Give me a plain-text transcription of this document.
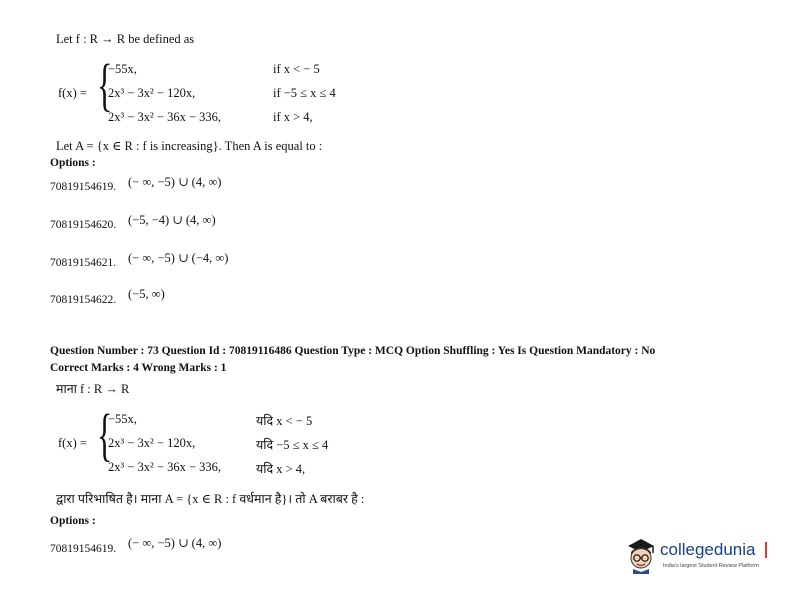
Let f : R → R be defined as
f(x) = {
−55x,	if x < − 5
2x³ − 3x² − 120x,	if −5 ≤ x ≤ 4
2x³ − 3x² − 36x − 336,	if x > 4,
Let A = {x ∈ R : f is increasing}. Then A is equal to :
Options :
70819154619. (− ∞, −5) ∪ (4, ∞)
70819154620. (−5, −4) ∪ (4, ∞)
70819154621. (− ∞, −5) ∪ (−4, ∞)
70819154622. (−5, ∞)
Question Number : 73 Question Id : 70819116486 Question Type : MCQ Option Shuffling : Yes Is Question Mandatory : No
Correct Marks : 4 Wrong Marks : 1
माना f : R → R
f(x) = {
−55x,	यदि x < − 5
2x³ − 3x² − 120x,	यदि −5 ≤ x ≤ 4
2x³ − 3x² − 36x − 336,	यदि x > 4,
द्वारा परिभाषित है। माना A = {x ∈ R : f वर्धमान है}। तो A बराबर है :
Options :
70819154619. (− ∞, −5) ∪ (4, ∞)	collegedunia
India's largest Student Review Platform
